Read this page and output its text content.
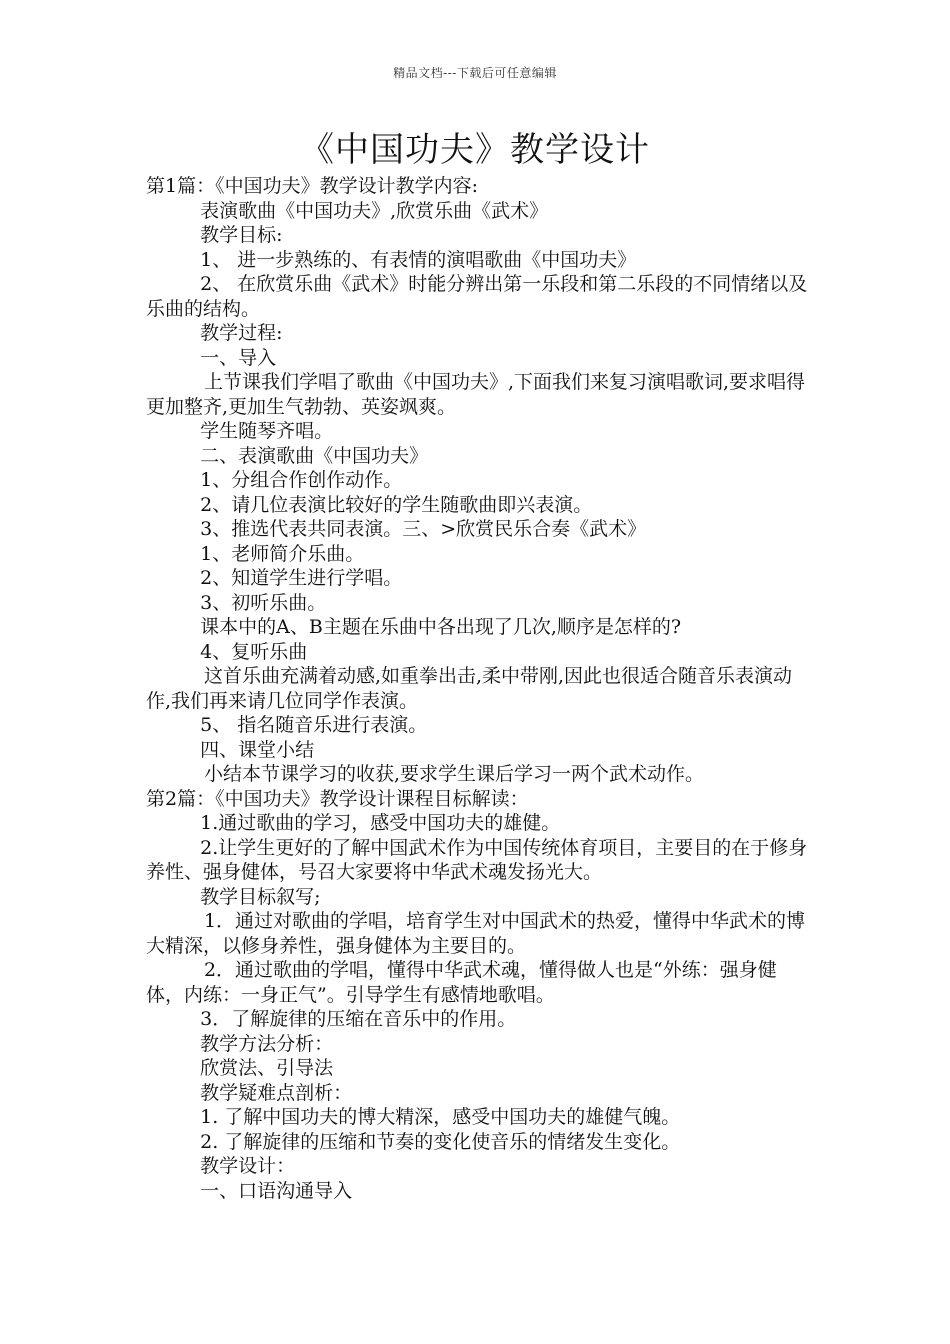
精品文档---下载后可任意编辑
《中国功夫》教学设计

第1篇：《中国功夫》教学设计教学内容:

表演歌曲《中国功夫》,欣赏乐曲《武术》

教学目标:

1、 进一步熟练的、有表情的演唱歌曲《中国功夫》

2、 在欣赏乐曲《武术》时能分辨出第一乐段和第二乐段的不同情绪以及乐曲的结构。

教学过程:

一、导入

上节课我们学唱了歌曲《中国功夫》,下面我们来复习演唱歌词,要求唱得更加整齐,更加生气勃勃、英姿飒爽。

学生随琴齐唱。

二、表演歌曲《中国功夫》

1、分组合作创作动作。

2、请几位表演比较好的学生随歌曲即兴表演。

3、推选代表共同表演。三、>欣赏民乐合奏《武术》

1、老师简介乐曲。

2、知道学生进行学唱。

3、初听乐曲。

课本中的A、B主题在乐曲中各出现了几次,顺序是怎样的?

4、复听乐曲

这首乐曲充满着动感,如重拳出击,柔中带刚,因此也很适合随音乐表演动作,我们再来请几位同学作表演。

5、 指名随音乐进行表演。

四、课堂小结

小结本节课学习的收获,要求学生课后学习一两个武术动作。

第2篇：《中国功夫》教学设计课程目标解读：

1.通过歌曲的学习，感受中国功夫的雄健。

2.让学生更好的了解中国武术作为中国传统体育项目，主要目的在于修身养性、强身健体，号召大家要将中华武术魂发扬光大。

教学目标叙写;

1．通过对歌曲的学唱，培育学生对中国武术的热爱，懂得中华武术的博大精深，以修身养性，强身健体为主要目的。

2．通过歌曲的学唱，懂得中华武术魂，懂得做人也是“外练：强身健体，内练：一身正气”。引导学生有感情地歌唱。

3．了解旋律的压缩在音乐中的作用。

教学方法分析：

欣赏法、引导法

教学疑难点剖析：

1. 了解中国功夫的博大精深，感受中国功夫的雄健气魄。

2. 了解旋律的压缩和节奏的变化使音乐的情绪发生变化。

教学设计：

一、口语沟通导入
